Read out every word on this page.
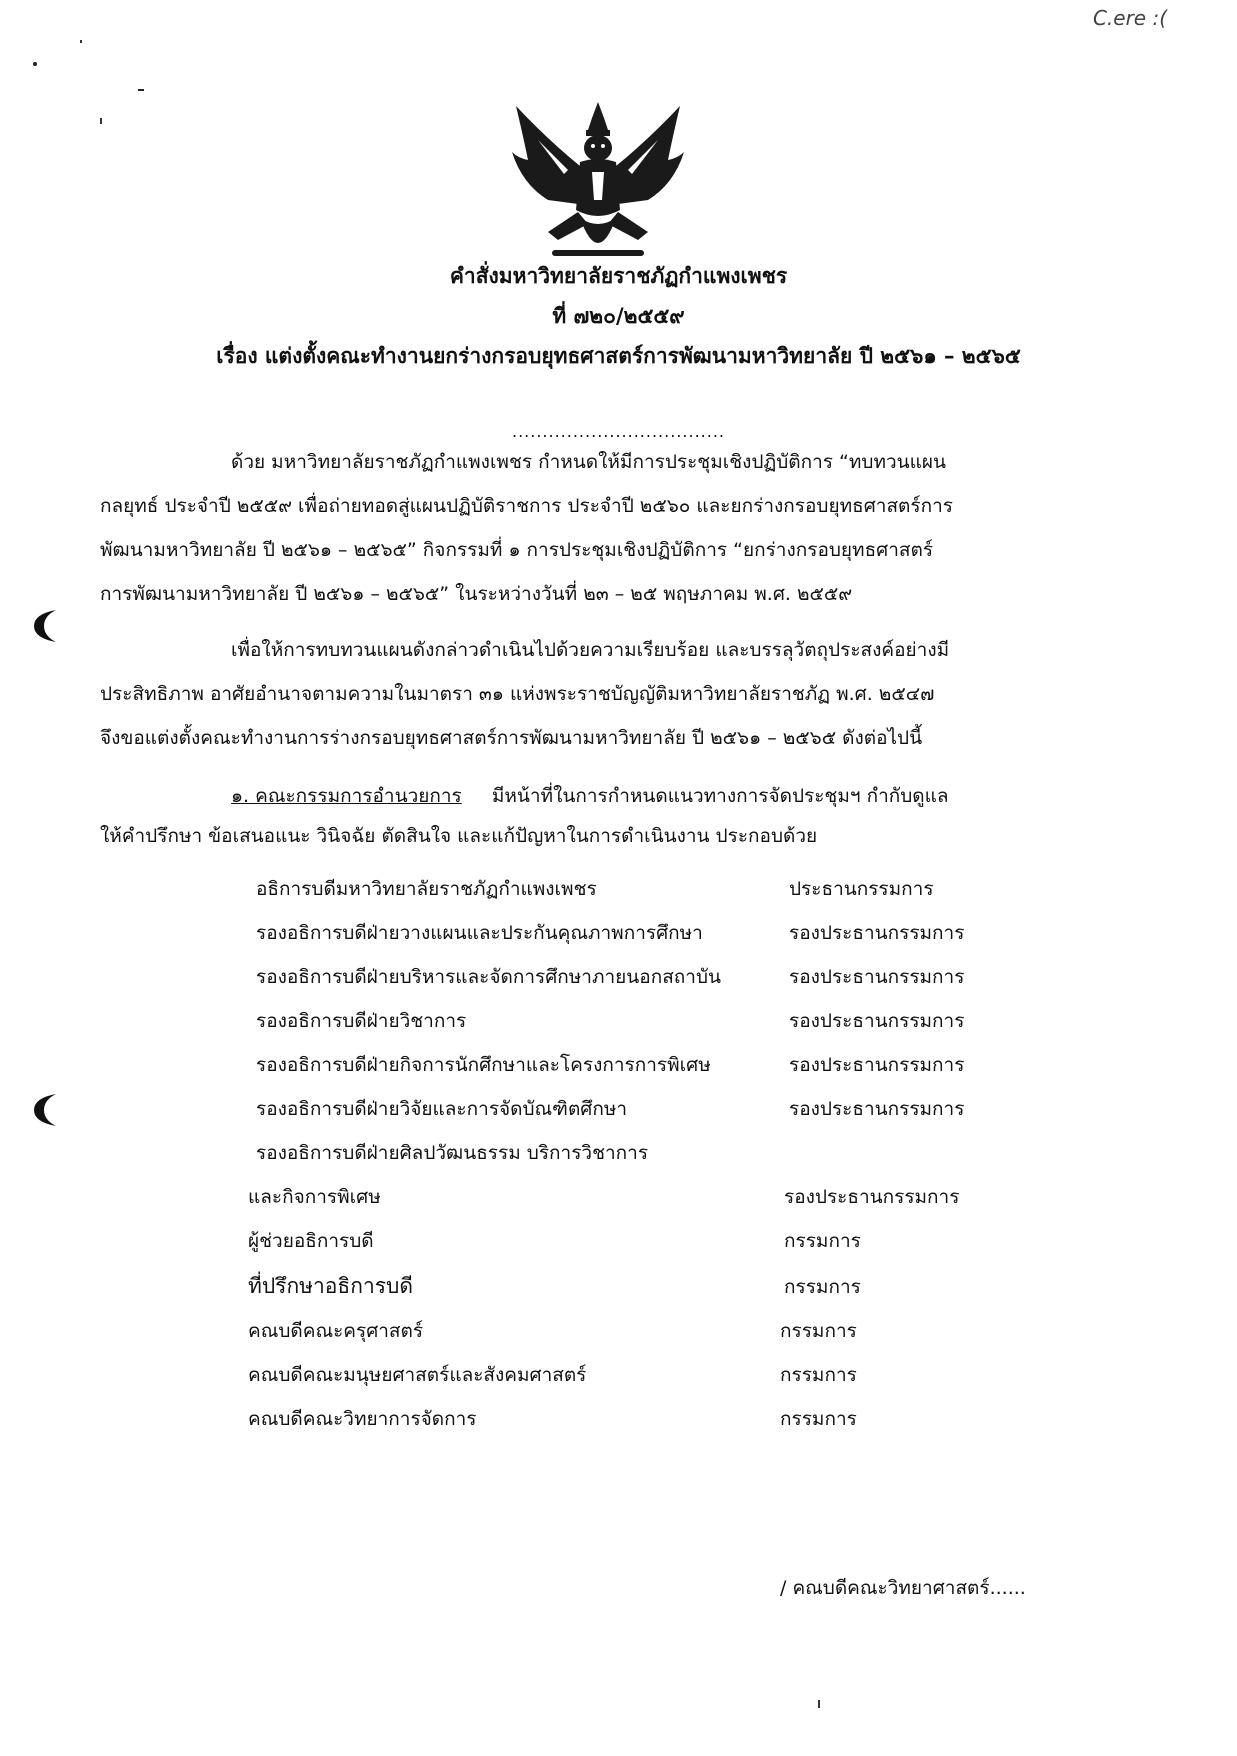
C.ere :(
คำสั่งมหาวิทยาลัยราชภัฏกำแพงเพชร
ที่ ๗๒๐/๒๕๕๙
เรื่อง แต่งตั้งคณะทำงานยกร่างกรอบยุทธศาสตร์การพัฒนามหาวิทยาลัย ปี ๒๕๖๑ – ๒๕๖๕
...................................
ด้วย มหาวิทยาลัยราชภัฏกำแพงเพชร กำหนดให้มีการประชุมเชิงปฏิบัติการ “ทบทวนแผน
กลยุทธ์ ประจำปี ๒๕๕๙ เพื่อถ่ายทอดสู่แผนปฏิบัติราชการ ประจำปี ๒๕๖๐ และยกร่างกรอบยุทธศาสตร์การ
พัฒนามหาวิทยาลัย ปี ๒๕๖๑ – ๒๕๖๕” กิจกรรมที่ ๑ การประชุมเชิงปฏิบัติการ “ยกร่างกรอบยุทธศาสตร์
การพัฒนามหาวิทยาลัย ปี ๒๕๖๑ – ๒๕๖๕” ในระหว่างวันที่ ๒๓ – ๒๕ พฤษภาคม พ.ศ. ๒๕๕๙
เพื่อให้การทบทวนแผนดังกล่าวดำเนินไปด้วยความเรียบร้อย และบรรลุวัตถุประสงค์อย่างมี
ประสิทธิภาพ อาศัยอำนาจตามความในมาตรา ๓๑ แห่งพระราชบัญญัติมหาวิทยาลัยราชภัฏ พ.ศ. ๒๕๔๗
จึงขอแต่งตั้งคณะทำงานการร่างกรอบยุทธศาสตร์การพัฒนามหาวิทยาลัย ปี ๒๕๖๑ – ๒๕๖๕ ดังต่อไปนี้
๑. คณะกรรมการอำนวยการ มีหน้าที่ในการกำหนดแนวทางการจัดประชุมฯ กำกับดูแล
ให้คำปรึกษา ข้อเสนอแนะ วินิจฉัย ตัดสินใจ และแก้ปัญหาในการดำเนินงาน ประกอบด้วย
อธิการบดีมหาวิทยาลัยราชภัฏกำแพงเพชร	ประธานกรรมการ
รองอธิการบดีฝ่ายวางแผนและประกันคุณภาพการศึกษา	รองประธานกรรมการ
รองอธิการบดีฝ่ายบริหารและจัดการศึกษาภายนอกสถาบัน	รองประธานกรรมการ
รองอธิการบดีฝ่ายวิชาการ	รองประธานกรรมการ
รองอธิการบดีฝ่ายกิจการนักศึกษาและโครงการการพิเศษ	รองประธานกรรมการ
รองอธิการบดีฝ่ายวิจัยและการจัดบัณฑิตศึกษา	รองประธานกรรมการ
รองอธิการบดีฝ่ายศิลปวัฒนธรรม บริการวิชาการ
และกิจการพิเศษ	รองประธานกรรมการ
ผู้ช่วยอธิการบดี	กรรมการ
ที่ปรึกษาอธิการบดี	กรรมการ
คณบดีคณะครุศาสตร์	กรรมการ
คณบดีคณะมนุษยศาสตร์และสังคมศาสตร์	กรรมการ
คณบดีคณะวิทยาการจัดการ	กรรมการ
/ คณบดีคณะวิทยาศาสตร์......
